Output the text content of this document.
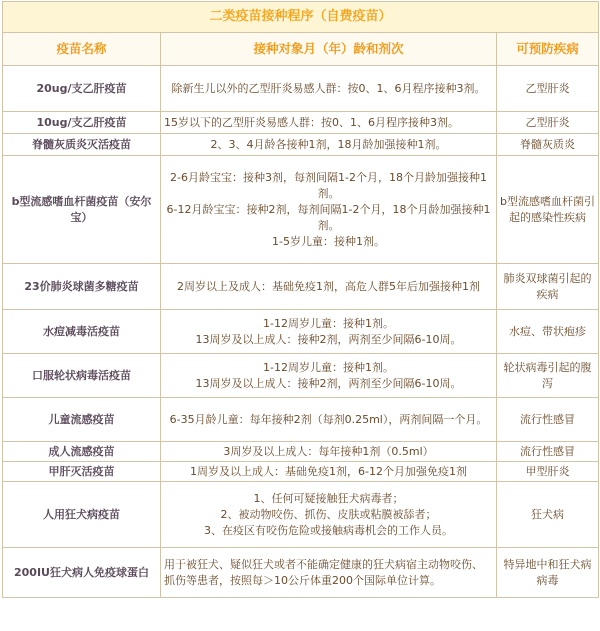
二类疫苗接种程序（自费疫苗）		
疫苗名称	接种对象月（年）龄和剂次	可预防疾病
20ug/支乙肝疫苗	除新生儿以外的乙型肝炎易感人群：按0、1、6月程序接种3剂。	乙型肝炎
10ug/支乙肝疫苗	15岁以下的乙型肝炎易感人群：按0、1、6月程序接种3剂。	乙型肝炎
脊髓灰质炎灭活疫苗	2、3、4月龄各接种1剂，18月龄加强接种1剂。	脊髓灰质炎
b型流感嗜血杆菌疫苗（安尔宝）	2-6月龄宝宝：接种3剂，每剂间隔1-2个月，18个月龄加强接种1剂。
6-12月龄宝宝：接种2剂，每剂间隔1-2个月，18个月龄加强接种1剂。
1-5岁儿童：接种1剂。	b型流感嗜血杆菌引起的感染性疾病
23价肺炎球菌多糖疫苗	2周岁以上及成人：基础免疫1剂，高危人群5年后加强接种1剂	肺炎双球菌引起的疾病
水痘减毒活疫苗	1-12周岁儿童：接种1剂。
13周岁及以上成人：接种2剂，两剂至少间隔6-10周。	水痘、带状疱疹
口服轮状病毒活疫苗	1-12周岁儿童：接种1剂。
13周岁及以上成人：接种2剂，两剂至少间隔6-10周。	轮状病毒引起的腹泻
儿童流感疫苗	6-35月龄儿童：每年接种2剂（每剂0.25ml），两剂间隔一个月。	流行性感冒
成人流感疫苗	3周岁及以上成人：每年接种1剂（0.5ml）	流行性感冒
甲肝灭活疫苗	1周岁及以上成人：基础免疫1剂，6-12个月加强免疫1剂	甲型肝炎
人用狂犬病疫苗	1、任何可疑接触狂犬病毒者；
2、被动物咬伤、抓伤、皮肤或粘膜被舔者；
3、在疫区有咬伤危险或接触病毒机会的工作人员。	狂犬病
200IU狂犬病人免疫球蛋白	用于被狂犬、疑似狂犬或者不能确定健康的狂犬病宿主动物咬伤、抓伤等患者，按照每＞10公斤体重200个国际单位计算。	特异地中和狂犬病病毒
